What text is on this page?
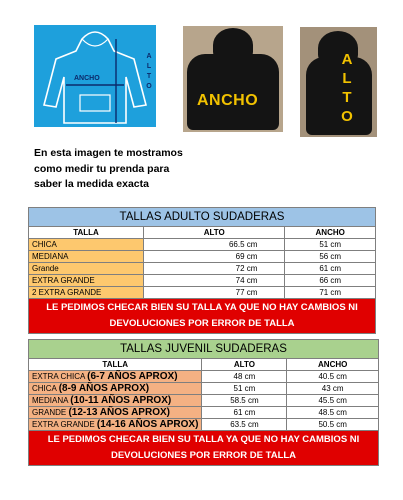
ANCHO
A
L
T
O
ANCHO
A
L
T
O
En esta imagen te mostramos
como medir tu prenda para
saber la medida exacta
TALLAS ADULTO SUDADERAS		
TALLA	ALTO	ANCHO
CHICA	66.5 cm	51 cm
MEDIANA	69 cm	56 cm
Grande	72 cm	61 cm
EXTRA GRANDE	74 cm	66 cm
2 EXTRA GRANDE	77 cm	71 cm
LE PEDIMOS CHECAR BIEN SU TALLA YA QUE NO HAY CAMBIOS NI DEVOLUCIONES POR ERROR DE TALLA		
TALLAS JUVENIL SUDADERAS		
TALLA	ALTO	ANCHO
EXTRA CHICA (6-7 AÑOS APROX)	48 cm	40.5 cm
CHICA (8-9 AÑOS APROX)	51 cm	43 cm
MEDIANA (10-11 AÑOS APROX)	58.5 cm	45.5 cm
GRANDE (12-13 AÑOS APROX)	61 cm	48.5 cm
EXTRA GRANDE (14-16 AÑOS APROX)	63.5 cm	50.5 cm
LE PEDIMOS CHECAR BIEN SU TALLA YA QUE NO HAY CAMBIOS NI DEVOLUCIONES POR ERROR DE TALLA		
